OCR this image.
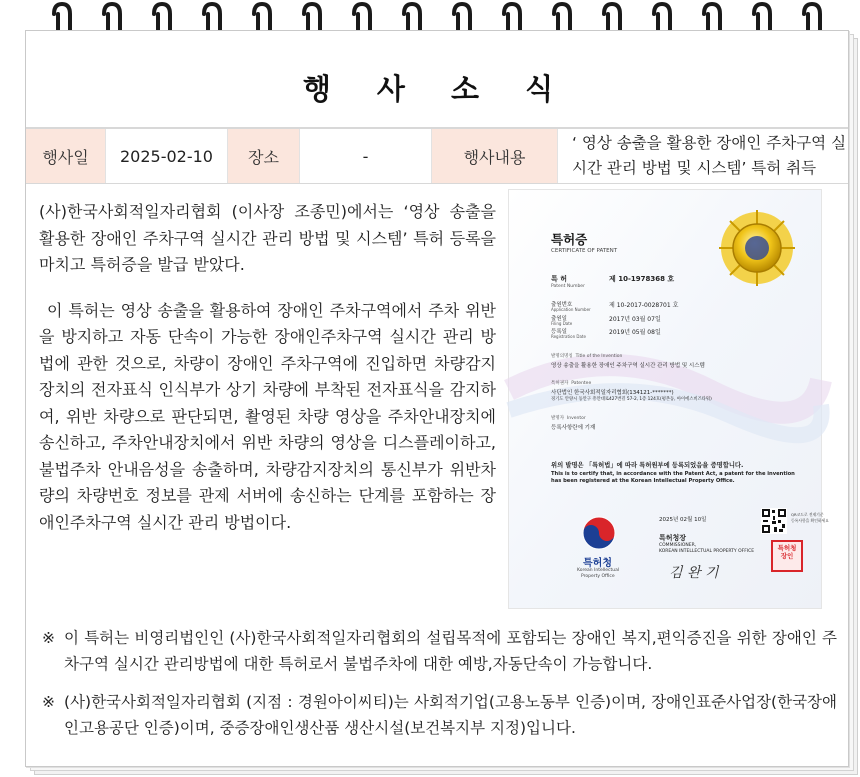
행 사 소 식
행사일	2025-02-10	장소	-	행사내용
‘ 영상 송출을 활용한 장애인 주차구역 실시간 관리 방법 및 시스템’ 특허 취득

(사)한국사회적일자리협회 (이사장 조종민)에서는 ‘영상 송출을 활용한 장애인 주차구역 실시간 관리 방법 및 시스템’ 특허 등록을 마치고 특허증을 발급 받았다.

이 특허는 영상 송출을 활용하여 장애인 주차구역에서 주차 위반을 방지하고 자동 단속이 가능한 장애인주차구역 실시간 관리 방법에 관한 것으로, 차량이 장애인 주차구역에 진입하면 차량감지장치의 전자표식 인식부가 상기 차량에 부착된 전자표식을 감지하여, 위반 차량으로 판단되면, 촬영된 차량 영상을 주차안내장치에 송신하고, 주차안내장치에서 위반 차량의 영상을 디스플레이하고, 불법주차 안내음성을 송출하며, 차량감지장치의 통신부가 위반차량의 차량번호 정보를 관제 서버에 송신하는 단계를 포함하는 장애인주차구역 실시간 관리 방법이다.

특허증
CERTIFICATE OF PATENT
특 허
Patent Number
제 10-1978368 호
출원번호
Application Number
제 10-2017-0028701 호
출원일
Filing Date
2017년 03월 07일
등록일
Registration Date
2019년 05월 08일
발명의명칭 Title of the Invention
영상 송출을 활용한 장애인 주차구역 실시간 관리 방법 및 시스템
특허권자 Patentee
사단법인 한국사회적일자리협회(134121-*******)
경기도 안양시 동안구 흥안대로427번길 57-2, 1층 124호(평촌동, 아이에스비즈타워)
발명자 Inventor
등록사항란에 기재
위의 발명은 「특허법」에 따라 특허원부에 등록되었음을 증명합니다.
This is to certify that, in accordance with the Patent Act, a patent for the invention has been registered at the Korean Intellectual Property Office.
특허청
Korean Intellectual
Property Office
2025년 02월 10일
특허청장
COMMISSIONER,
KOREAN INTELLECTUAL PROPERTY OFFICE
김 완 기
QR코드로 전제기준
등록사항을 확인하세요
특허청장인
※ 이 특허는 비영리법인인 (사)한국사회적일자리협회의 설립목적에 포함되는 장애인 복지,편익증진을 위한 장애인 주차구역 실시간 관리방법에 대한 특허로서 불법주차에 대한 예방,자동단속이 가능합니다.
※ (사)한국사회적일자리협회 (지점 : 경원아이씨티)는 사회적기업(고용노동부 인증)이며, 장애인표준사업장(한국장애인고용공단 인증)이며, 중증장애인생산품 생산시설(보건복지부 지정)입니다.
